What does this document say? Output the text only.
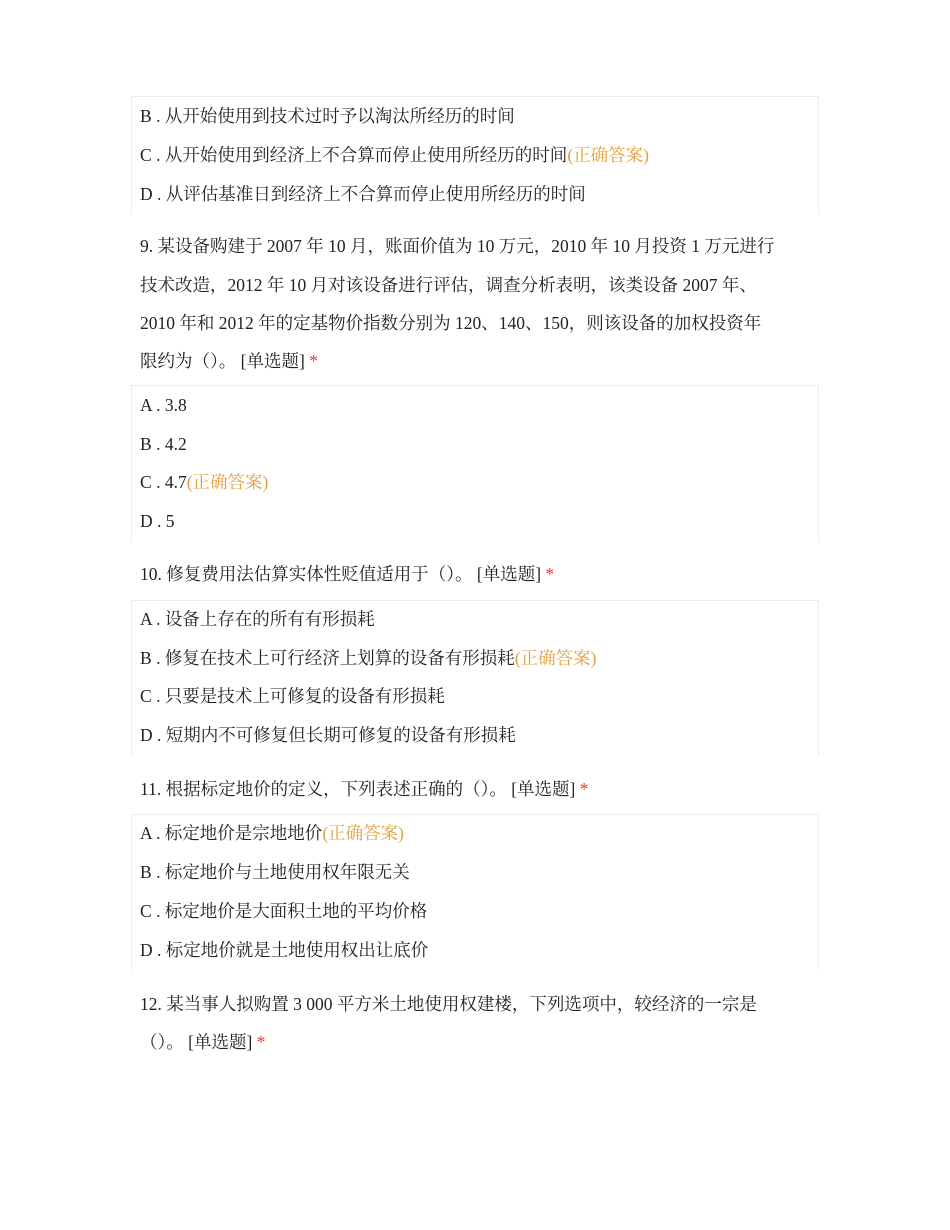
B . 从开始使用到技术过时予以淘汰所经历的时间
C . 从开始使用到经济上不合算而停止使用所经历的时间(正确答案)
D . 从评估基准日到经济上不合算而停止使用所经历的时间
9. 某设备购建于 2007 年 10 月，账面价值为 10 万元，2010 年 10 月投资 1 万元进行
技术改造，2012 年 10 月对该设备进行评估，调查分析表明，该类设备 2007 年、
2010 年和 2012 年的定基物价指数分别为 120、140、150，则该设备的加权投资年
限约为（）。 [单选题] *
A . 3.8
B . 4.2
C . 4.7(正确答案)
D . 5
10. 修复费用法估算实体性贬值适用于（）。 [单选题] *
A . 设备上存在的所有有形损耗
B . 修复在技术上可行经济上划算的设备有形损耗(正确答案)
C . 只要是技术上可修复的设备有形损耗
D . 短期内不可修复但长期可修复的设备有形损耗
11. 根据标定地价的定义，下列表述正确的（）。 [单选题] *
A . 标定地价是宗地地价(正确答案)
B . 标定地价与土地使用权年限无关
C . 标定地价是大面积土地的平均价格
D . 标定地价就是土地使用权出让底价
12. 某当事人拟购置 3 000 平方米土地使用权建楼，下列选项中，较经济的一宗是
（）。 [单选题] *
